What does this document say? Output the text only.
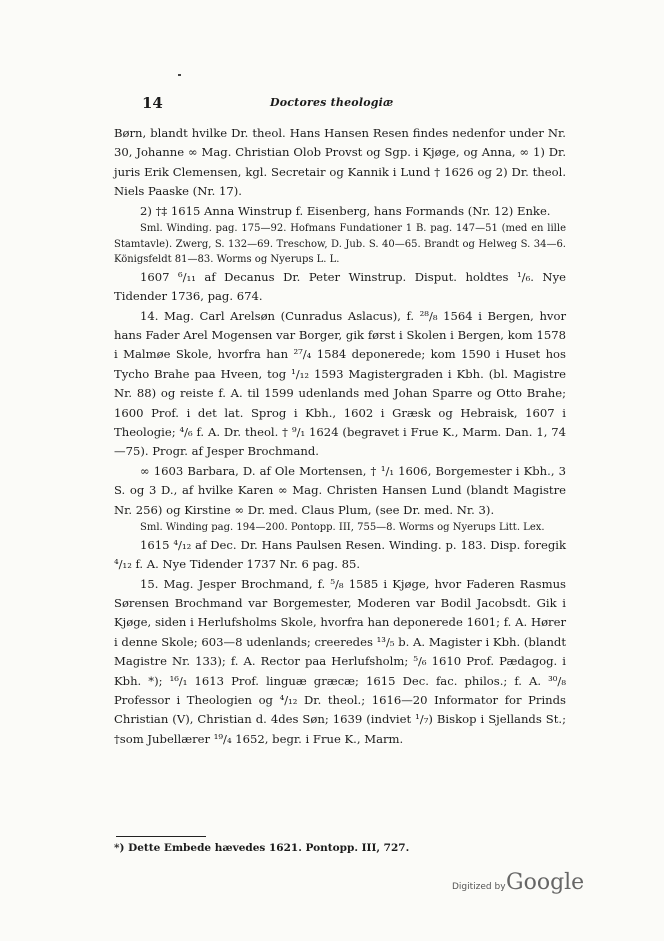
14	Doctores theologiæ

Børn, blandt hvilke Dr. theol. Hans Hansen Resen findes nedenfor under Nr. 30, Johanne ∞ Mag. Christian Olob Provst og Sgp. i Kjøge, og Anna, ∞ 1) Dr. juris Erik Clemensen, kgl. Secretair og Kannik i Lund † 1626 og 2) Dr. theol. Niels Paaske (Nr. 17).

2) †‡ 1615 Anna Winstrup f. Eisenberg, hans Formands (Nr. 12) Enke.

Sml. Winding. pag. 175—92. Hofmans Fundationer 1 B. pag. 147—51 (med en lille Stamtavle). Zwerg, S. 132—69. Treschow, D. Jub. S. 40—65. Brandt og Helweg S. 34—6. Königsfeldt 81—83. Worms og Nyerups L. L.

1607 ⁶/₁₁ af Decanus Dr. Peter Winstrup. Disput. holdtes ¹/₆. Nye Tidender 1736, pag. 674.

14. Mag. Carl Arelsøn (Cunradus Aslacus), f. ²⁸/₈ 1564 i Bergen, hvor hans Fader Arel Mogensen var Borger, gik først i Skolen i Bergen, kom 1578 i Malmøe Skole, hvorfra han ²⁷/₄ 1584 deponerede; kom 1590 i Huset hos Tycho Brahe paa Hveen, tog ¹/₁₂ 1593 Magistergraden i Kbh. (bl. Magistre Nr. 88) og reiste f. A. til 1599 udenlands med Johan Sparre og Otto Brahe; 1600 Prof. i det lat. Sprog i Kbh., 1602 i Græsk og Hebraisk, 1607 i Theologie; ⁴/₆ f. A. Dr. theol. † ⁹/₁ 1624 (begravet i Frue K., Marm. Dan. 1, 74—75). Progr. af Jesper Brochmand.

∞ 1603 Barbara, D. af Ole Mortensen, † ¹/₁ 1606, Borgemester i Kbh., 3 S. og 3 D., af hvilke Karen ∞ Mag. Christen Hansen Lund (blandt Magistre Nr. 256) og Kirstine ∞ Dr. med. Claus Plum, (see Dr. med. Nr. 3).

Sml. Winding pag. 194—200. Pontopp. III, 755—8. Worms og Nyerups Litt. Lex.

1615 ⁴/₁₂ af Dec. Dr. Hans Paulsen Resen. Winding. p. 183. Disp. foregik ⁴/₁₂ f. A. Nye Tidender 1737 Nr. 6 pag. 85.

15. Mag. Jesper Brochmand, f. ⁵/₈ 1585 i Kjøge, hvor Faderen Rasmus Sørensen Brochmand var Borgemester, Moderen var Bodil Jacobsdt. Gik i Kjøge, siden i Herlufsholms Skole, hvorfra han deponerede 1601; f. A. Hører i denne Skole; 603—8 udenlands; creeredes ¹³/₅ b. A. Magister i Kbh. (blandt Magistre Nr. 133); f. A. Rector paa Herlufsholm; ⁵/₆ 1610 Prof. Pædagog. i Kbh. *); ¹⁶/₁ 1613 Prof. linguæ græcæ; 1615 Dec. fac. philos.; f. A. ³⁰/₈ Professor i Theologien og ⁴/₁₂ Dr. theol.; 1616—20 Informator for Prinds Christian (V), Christian d. 4des Søn; 1639 (indviet ¹/₇) Biskop i Sjellands St.; †som Jubellærer ¹⁹/₄ 1652, begr. i Frue K., Marm.

*) Dette Embede hævedes 1621. Pontopp. III, 727.
Digitized by Google
